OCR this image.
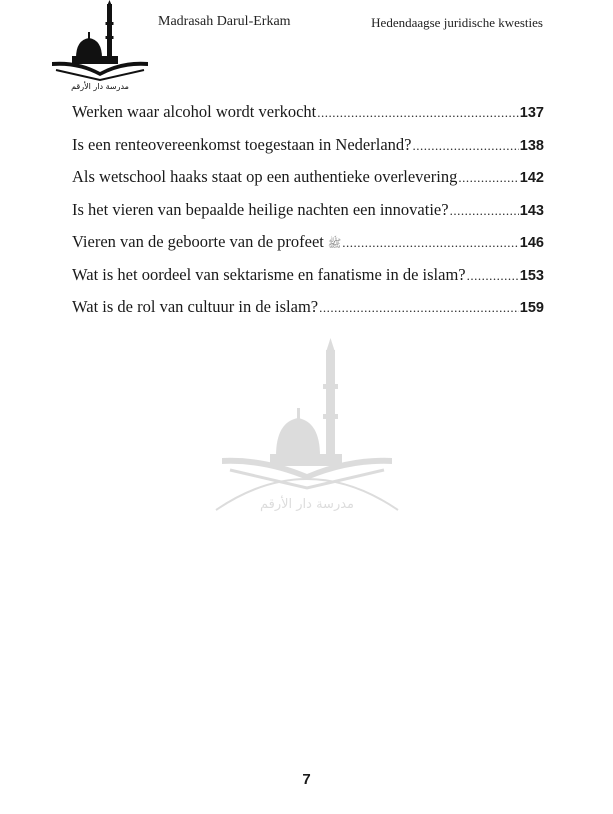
مدرسة دار الأرقم
Madrasah Darul-Erkam	Hedendaagse juridische kwesties
Werken waar alcohol wordt verkocht .....	137
Is een renteovereenkomst toegestaan in Nederland? .....	138
Als wetschool haaks staat op een authentieke overlevering .....	142
Is het vieren van bepaalde heilige nachten een innovatie? .....	143
Vieren van de geboorte van de profeet ﷺ .....	146
Wat is het oordeel van sektarisme en fanatisme in de islam? .....	153
Wat is de rol van cultuur in de islam? .....	159
مدرسة دار الأرقم
7
